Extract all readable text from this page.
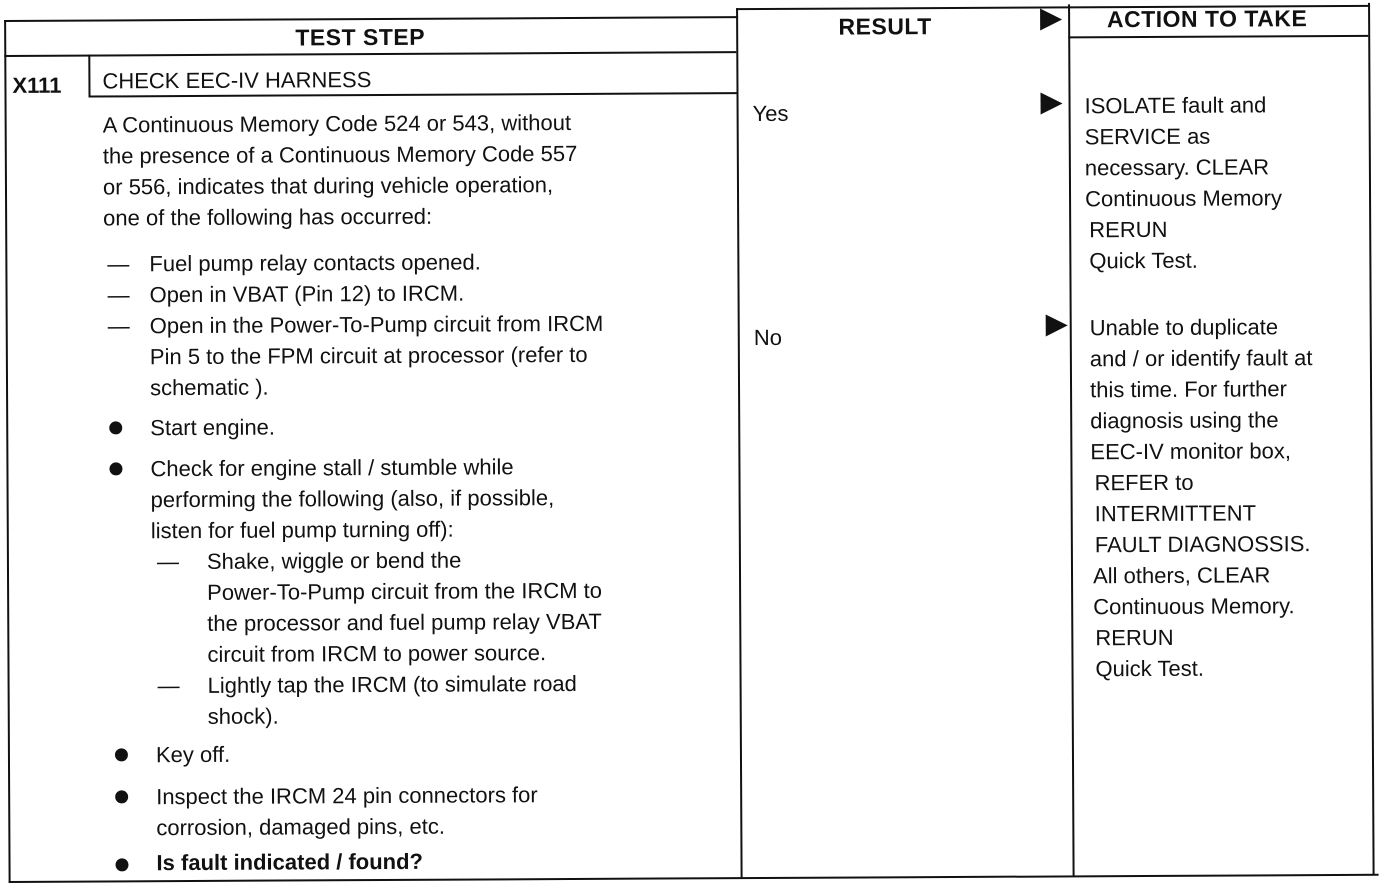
TEST STEP	RESULT	ACTION TO TAKE
X111 CHECK EEC-IV HARNESS
A Continuous Memory Code 524 or 543, without
the presence of a Continuous Memory Code 557
or 556, indicates that during vehicle operation,
one of the following has occurred:
— Fuel pump relay contacts opened.
— Open in VBAT (Pin 12) to IRCM.
— Open in the Power-To-Pump circuit from IRCM
Pin 5 to the FPM circuit at processor (refer to
schematic ).
Start engine.
Check for engine stall / stumble while
performing the following (also, if possible,
listen for fuel pump turning off):
— Shake, wiggle or bend the
Power-To-Pump circuit from the IRCM to
the processor and fuel pump relay VBAT
circuit from IRCM to power source.
— Lightly tap the IRCM (to simulate road
shock).
Key off.
Inspect the IRCM 24 pin connectors for
corrosion, damaged pins, etc.
Is fault indicated / found?
Yes
No
ISOLATE fault and
SERVICE as
necessary. CLEAR
Continuous Memory
RERUN
Quick Test.
Unable to duplicate
and / or identify fault at
this time. For further
diagnosis using the
EEC-IV monitor box,
REFER to
INTERMITTENT
FAULT DIAGNOSSIS.
All others, CLEAR
Continuous Memory.
RERUN
Quick Test.
